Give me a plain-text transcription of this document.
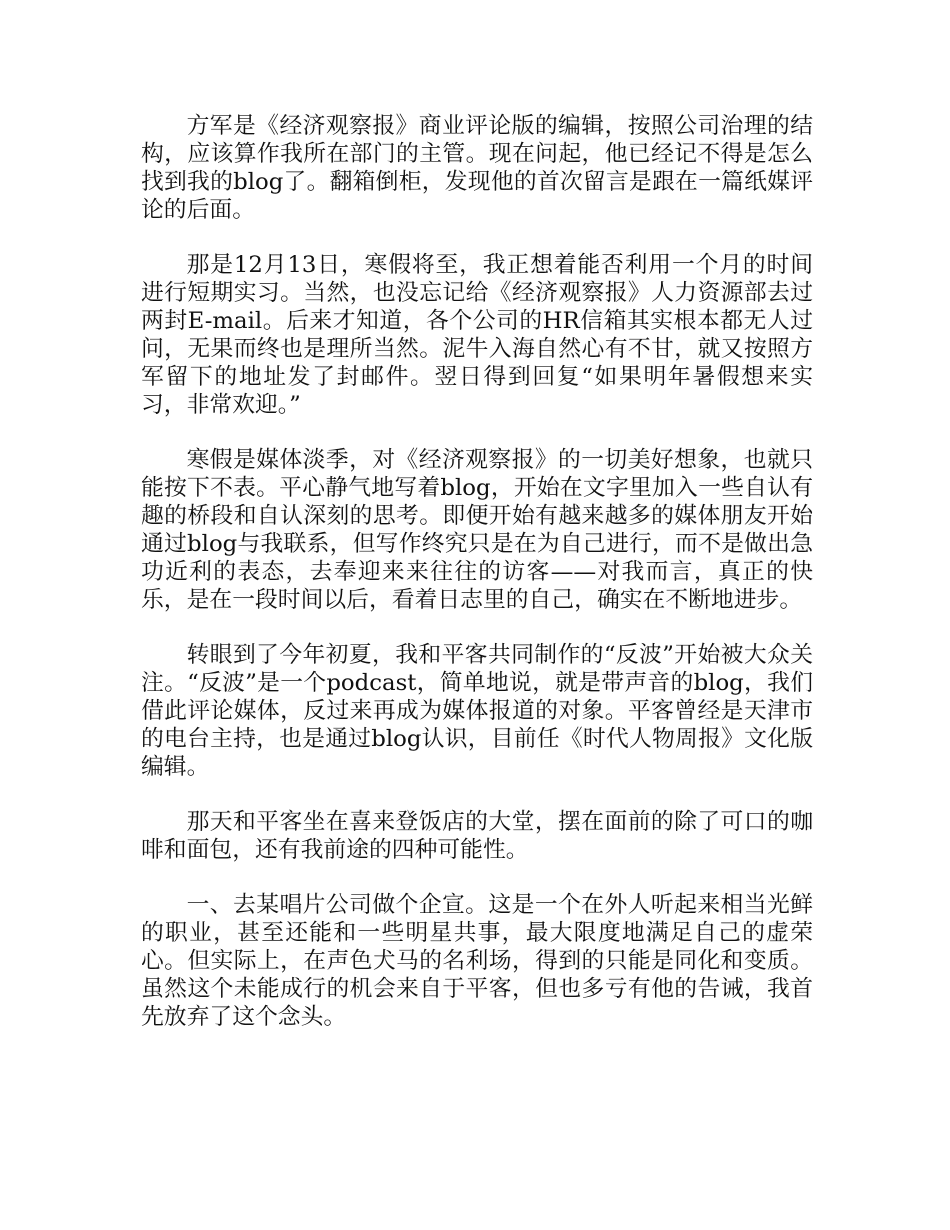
方军是《经济观察报》商业评论版的编辑，按照公司治理的结构，应该算作我所在部门的主管。现在问起，他已经记不得是怎么找到我的blog了。翻箱倒柜，发现他的首次留言是跟在一篇纸媒评论的后面。

那是12月13日，寒假将至，我正想着能否利用一个月的时间进行短期实习。当然，也没忘记给《经济观察报》人力资源部去过两封E-mail。后来才知道，各个公司的HR信箱其实根本都无人过问，无果而终也是理所当然。泥牛入海自然心有不甘，就又按照方军留下的地址发了封邮件。翌日得到回复“如果明年暑假想来实习，非常欢迎。”

寒假是媒体淡季，对《经济观察报》的一切美好想象，也就只能按下不表。平心静气地写着blog，开始在文字里加入一些自认有趣的桥段和自认深刻的思考。即便开始有越来越多的媒体朋友开始通过blog与我联系，但写作终究只是在为自己进行，而不是做出急功近利的表态，去奉迎来来往往的访客——对我而言，真正的快乐，是在一段时间以后，看着日志里的自己，确实在不断地进步。

转眼到了今年初夏，我和平客共同制作的“反波”开始被大众关注。“反波”是一个podcast，简单地说，就是带声音的blog，我们借此评论媒体，反过来再成为媒体报道的对象。平客曾经是天津市的电台主持，也是通过blog认识，目前任《时代人物周报》文化版编辑。

那天和平客坐在喜来登饭店的大堂，摆在面前的除了可口的咖啡和面包，还有我前途的四种可能性。

一、去某唱片公司做个企宣。这是一个在外人听起来相当光鲜的职业，甚至还能和一些明星共事，最大限度地满足自己的虚荣心。但实际上，在声色犬马的名利场，得到的只能是同化和变质。虽然这个未能成行的机会来自于平客，但也多亏有他的告诫，我首先放弃了这个念头。
